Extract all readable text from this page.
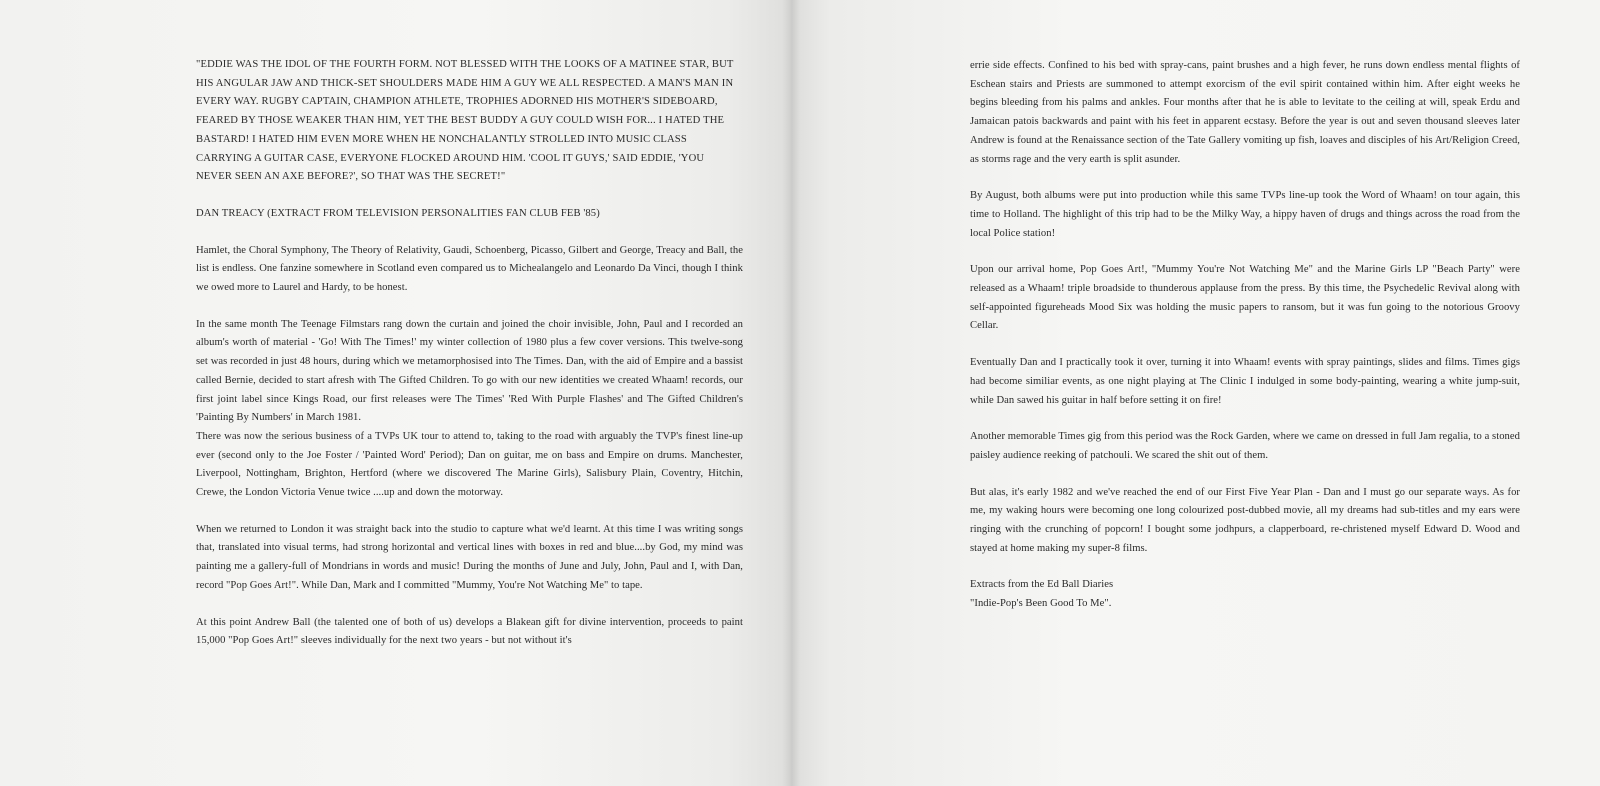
"EDDIE WAS THE IDOL OF THE FOURTH FORM. NOT BLESSED WITH THE LOOKS OF A MATINEE STAR, BUT HIS ANGULAR JAW AND THICK-SET SHOULDERS MADE HIM A GUY WE ALL RESPECTED. A MAN'S MAN IN EVERY WAY. RUGBY CAPTAIN, CHAMPION ATHLETE, TROPHIES ADORNED HIS MOTHER'S SIDEBOARD, FEARED BY THOSE WEAKER THAN HIM, YET THE BEST BUDDY A GUY COULD WISH FOR... I HATED THE BASTARD! I HATED HIM EVEN MORE WHEN HE NONCHALANTLY STROLLED INTO MUSIC CLASS CARRYING A GUITAR CASE, EVERYONE FLOCKED AROUND HIM. 'COOL IT GUYS,' SAID EDDIE, 'YOU NEVER SEEN AN AXE BEFORE?', SO THAT WAS THE SECRET!"

DAN TREACY (EXTRACT FROM TELEVISION PERSONALITIES FAN CLUB FEB '85)

Hamlet, the Choral Symphony, The Theory of Relativity, Gaudi, Schoenberg, Picasso, Gilbert and George, Treacy and Ball, the list is endless. One fanzine somewhere in Scotland even compared us to Michealangelo and Leonardo Da Vinci, though I think we owed more to Laurel and Hardy, to be honest.

In the same month The Teenage Filmstars rang down the curtain and joined the choir invisible, John, Paul and I recorded an album's worth of material - 'Go! With The Times!' my winter collection of 1980 plus a few cover versions. This twelve-song set was recorded in just 48 hours, during which we metamorphosised into The Times. Dan, with the aid of Empire and a bassist called Bernie, decided to start afresh with The Gifted Children. To go with our new identities we created Whaam! records, our first joint label since Kings Road, our first releases were The Times' 'Red With Purple Flashes' and The Gifted Children's 'Painting By Numbers' in March 1981.

There was now the serious business of a TVPs UK tour to attend to, taking to the road with arguably the TVP's finest line-up ever (second only to the Joe Foster / 'Painted Word' Period); Dan on guitar, me on bass and Empire on drums. Manchester, Liverpool, Nottingham, Brighton, Hertford (where we discovered The Marine Girls), Salisbury Plain, Coventry, Hitchin, Crewe, the London Victoria Venue twice ....up and down the motorway.

When we returned to London it was straight back into the studio to capture what we'd learnt. At this time I was writing songs that, translated into visual terms, had strong horizontal and vertical lines with boxes in red and blue....by God, my mind was painting me a gallery-full of Mondrians in words and music! During the months of June and July, John, Paul and I, with Dan, record "Pop Goes Art!". While Dan, Mark and I committed "Mummy, You're Not Watching Me" to tape.

At this point Andrew Ball (the talented one of both of us) develops a Blakean gift for divine intervention, proceeds to paint 15,000 "Pop Goes Art!" sleeves individually for the next two years - but not without it's

errie side effects. Confined to his bed with spray-cans, paint brushes and a high fever, he runs down endless mental flights of Eschean stairs and Priests are summoned to attempt exorcism of the evil spirit contained within him. After eight weeks he begins bleeding from his palms and ankles. Four months after that he is able to levitate to the ceiling at will, speak Erdu and Jamaican patois backwards and paint with his feet in apparent ecstasy. Before the year is out and seven thousand sleeves later Andrew is found at the Renaissance section of the Tate Gallery vomiting up fish, loaves and disciples of his Art/Religion Creed, as storms rage and the very earth is split asunder.

By August, both albums were put into production while this same TVPs line-up took the Word of Whaam! on tour again, this time to Holland. The highlight of this trip had to be the Milky Way, a hippy haven of drugs and things across the road from the local Police station!

Upon our arrival home, Pop Goes Art!, "Mummy You're Not Watching Me" and the Marine Girls LP "Beach Party" were released as a Whaam! triple broadside to thunderous applause from the press. By this time, the Psychedelic Revival along with self-appointed figureheads Mood Six was holding the music papers to ransom, but it was fun going to the notorious Groovy Cellar.

Eventually Dan and I practically took it over, turning it into Whaam! events with spray paintings, slides and films. Times gigs had become similiar events, as one night playing at The Clinic I indulged in some body-painting, wearing a white jump-suit, while Dan sawed his guitar in half before setting it on fire!

Another memorable Times gig from this period was the Rock Garden, where we came on dressed in full Jam regalia, to a stoned paisley audience reeking of patchouli. We scared the shit out of them.

But alas, it's early 1982 and we've reached the end of our First Five Year Plan - Dan and I must go our separate ways. As for me, my waking hours were becoming one long colourized post-dubbed movie, all my dreams had sub-titles and my ears were ringing with the crunching of popcorn! I bought some jodhpurs, a clapperboard, re-christened myself Edward D. Wood and stayed at home making my super-8 films.

Extracts from the Ed Ball Diaries

"Indie-Pop's Been Good To Me".
